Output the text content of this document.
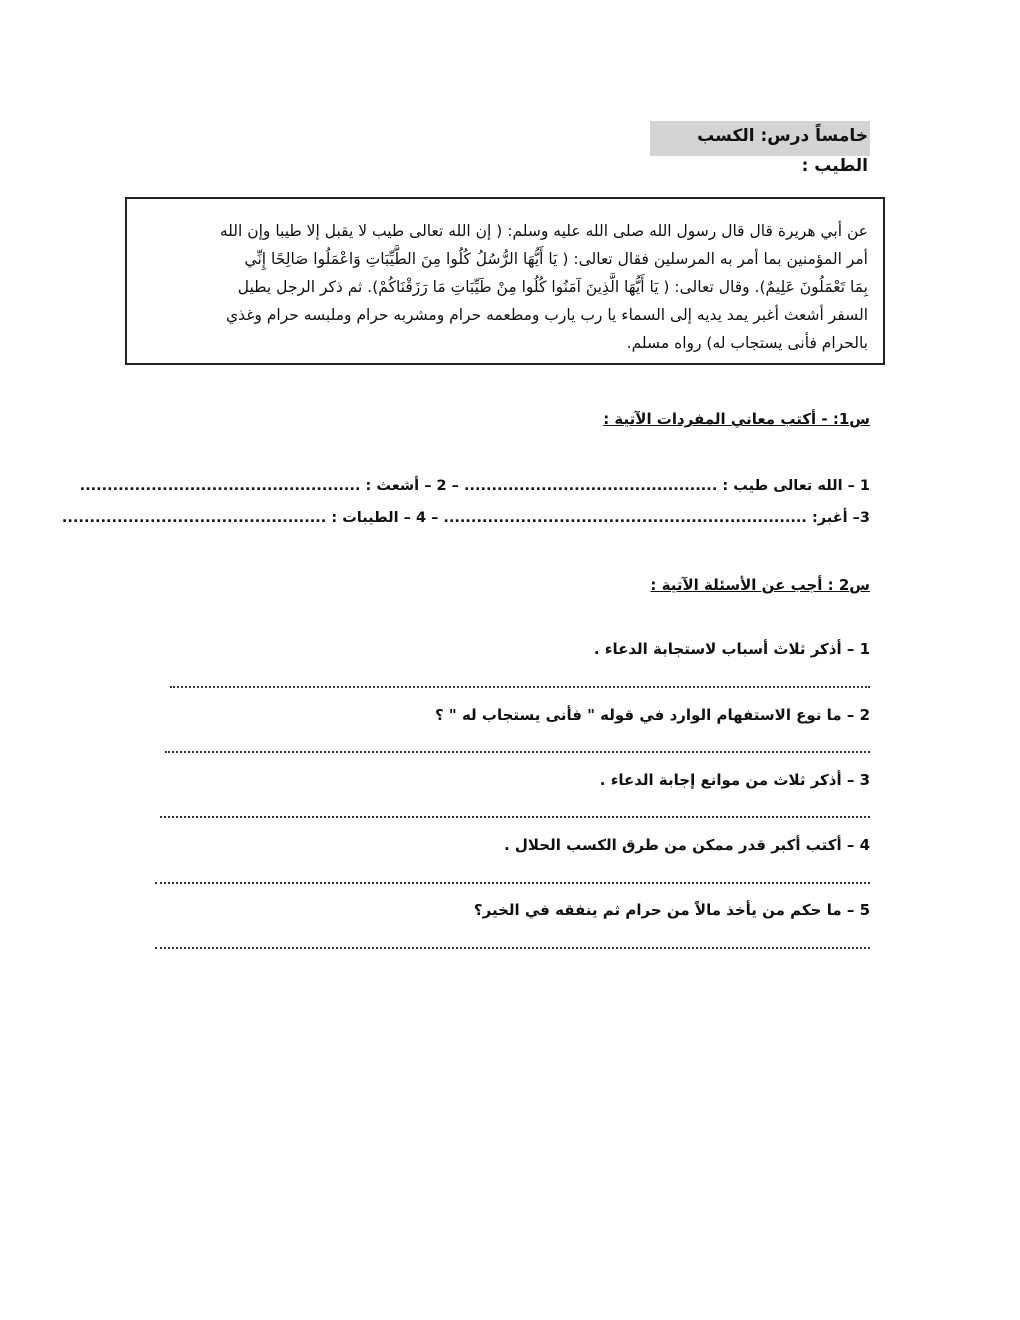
خامساً درس: الكسب الطيب :
عن أبي هريرة قال قال رسول الله صلى الله عليه وسلم: ( إن الله تعالى طيب لا يقبل إلا طيبا وإن الله
أمر المؤمنين بما أمر به المرسلين فقال تعالى: ( يَا أَيُّهَا الرُّسُلُ كُلُوا مِنَ الطَّيِّبَاتِ وَاعْمَلُوا صَالِحًا إِنِّي
بِمَا تَعْمَلُونَ عَلِيمٌ). وقال تعالى: ( يَا أَيُّهَا الَّذِينَ آمَنُوا كُلُوا مِنْ طَيِّبَاتِ مَا رَزَقْنَاكُمْ). ثم ذكر الرجل يطيل
السفر أشعث أغبر يمد يديه إلى السماء يا رب يارب ومطعمه حرام ومشربه حرام وملبسه حرام وغذي
بالحرام فأنى يستجاب له) رواه مسلم.
س1: - أكتب معاني المفردات الآتية :
1 – الله تعالى طيب : .............................................. – 2 – أشعث : ...................................................
3– أغبر: .................................................................. – 4 – الطيبات : ................................................
س2 : أجب عن الأسئلة الآتية :
1 – أذكر ثلاث أسباب لاستجابة الدعاء .
2 – ما نوع الاستفهام الوارد في قوله " فأنى يستجاب له " ؟
3 – أذكر ثلاث من موانع إجابة الدعاء .
4 – أكتب أكبر قدر ممكن من طرق الكسب الحلال .
5 – ما حكم من يأخذ مالاً من حرام ثم ينفقه في الخير؟
